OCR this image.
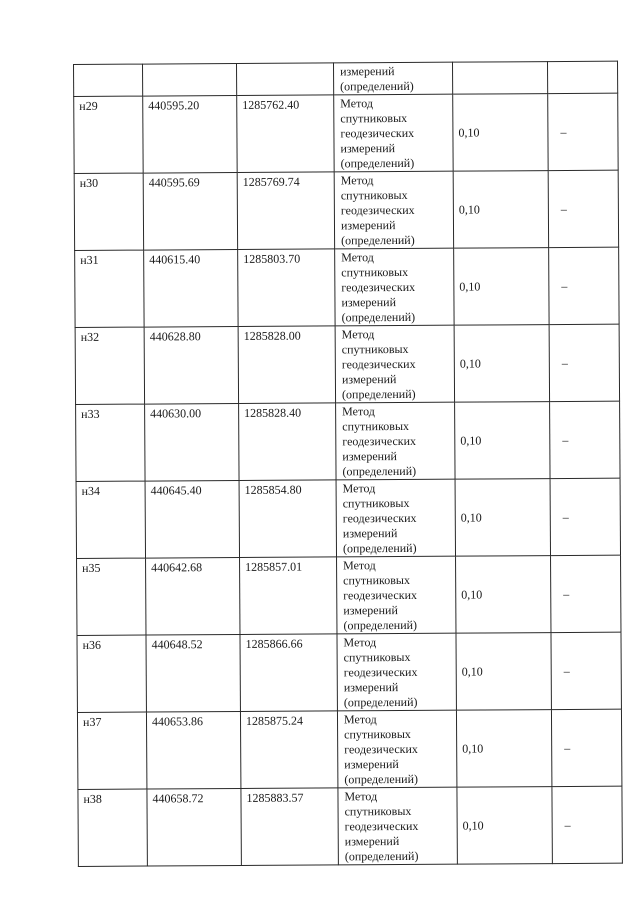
			измерений
(определений)		

н29	440595.20	1285762.40	Метод
спутниковых
геодезических
измерений
(определений)	0,10	–
н30	440595.69	1285769.74	Метод
спутниковых
геодезических
измерений
(определений)	0,10	–
н31	440615.40	1285803.70	Метод
спутниковых
геодезических
измерений
(определений)	0,10	–
н32	440628.80	1285828.00	Метод
спутниковых
геодезических
измерений
(определений)	0,10	–
н33	440630.00	1285828.40	Метод
спутниковых
геодезических
измерений
(определений)	0,10	–
н34	440645.40	1285854.80	Метод
спутниковых
геодезических
измерений
(определений)	0,10	–
н35	440642.68	1285857.01	Метод
спутниковых
геодезических
измерений
(определений)	0,10	–
н36	440648.52	1285866.66	Метод
спутниковых
геодезических
измерений
(определений)	0,10	–
н37	440653.86	1285875.24	Метод
спутниковых
геодезических
измерений
(определений)	0,10	–
н38	440658.72	1285883.57	Метод
спутниковых
геодезических
измерений
(определений)	0,10	–
